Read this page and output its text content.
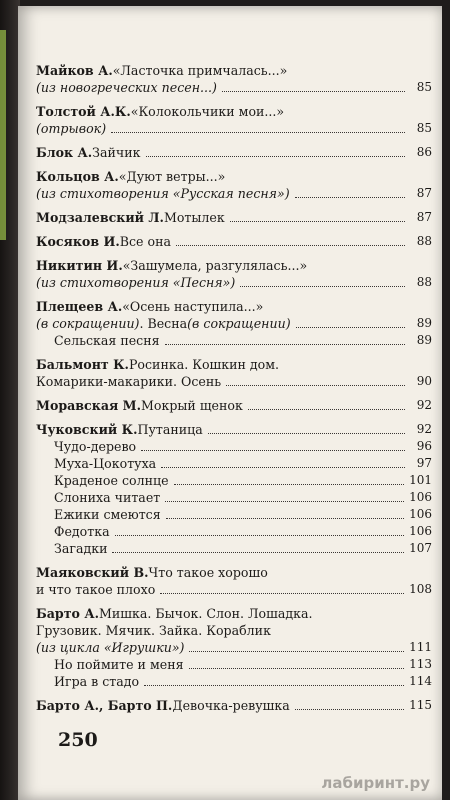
Майков А. «Ласточка примчалась...»
(из новогреческих песен...)	85
Толстой А.К. «Колокольчики мои...»
(отрывок)	85
Блок А. Зайчик	86
Кольцов А. «Дуют ветры...»
(из стихотворения «Русская песня»)	87
Модзалевский Л. Мотылек	87
Косяков И. Все она	88
Никитин И. «Зашумела, разгулялась...»
(из стихотворения «Песня»)	88
Плещеев А. «Осень наступила...»
(в сокращении) . Весна (в сокращении)	89
Сельская песня	89
Бальмонт К. Росинка. Кошкин дом.
Комарики-макарики. Осень	90
Моравская М. Мокрый щенок	92
Чуковский К. Путаница	92
Чудо-дерево	96
Муха-Цокотуха	97
Краденое солнце	101
Слониха читает	106
Ежики смеются	106
Федотка	106
Загадки	107
Маяковский В. Что такое хорошо
и что такое плохо	108
Барто А. Мишка. Бычок. Слон. Лошадка.
Грузовик. Мячик. Зайка. Кораблик
(из цикла «Игрушки»)	111
Но поймите и меня	113
Игра в стадо	114
Барто А., Барто П. Девочка-ревушка	115
250
лабиринт.ру
